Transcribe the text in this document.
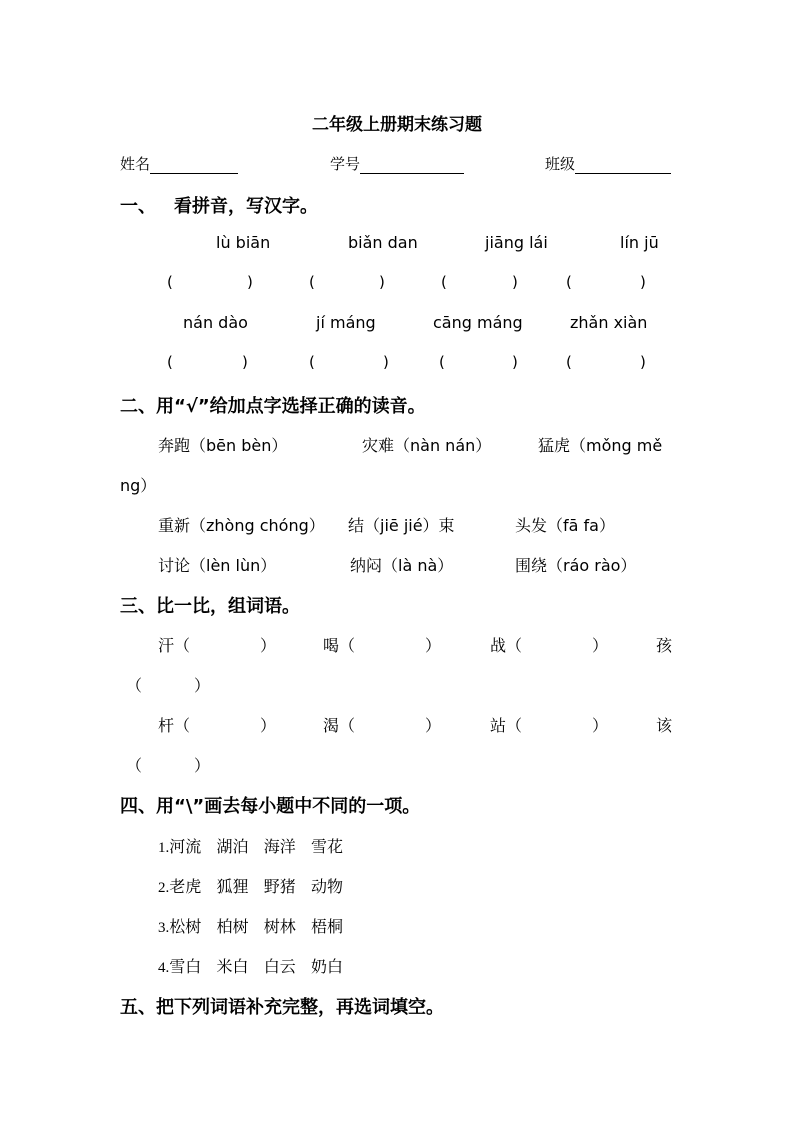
二年级上册期末练习题
姓名	学号	班级
一、 看拼音，写汉字。
lù biān	biǎn dan	jiāng lái	lín jū
(	)	(	)	(	)	(	)
nán dào	jí máng	cāng máng	zhǎn xiàn
(	)	(	)	(	)	(	)
二、用“√”给加点字选择正确的读音。
奔跑（bēn bèn）	灾难（nàn nán）	猛虎（mǒng mě
ng）
重新（zhòng chóng） 结（jiē jié）束	头发（fā fa）
讨论（lèn lùn）	纳闷（là nà）	围绕（ráo rào）
三、比一比，组词语。
汗（	）	喝（	）	战（	）	孩
（	）
杆（	）	渴（	）	站（	）	该
（	）
四、用“\”画去每小题中不同的一项。
1.河流   湖泊   海洋   雪花
2.老虎   狐狸   野猪   动物
3.松树   柏树   树林   梧桐
4.雪白   米白   白云   奶白
五、把下列词语补充完整，再选词填空。
